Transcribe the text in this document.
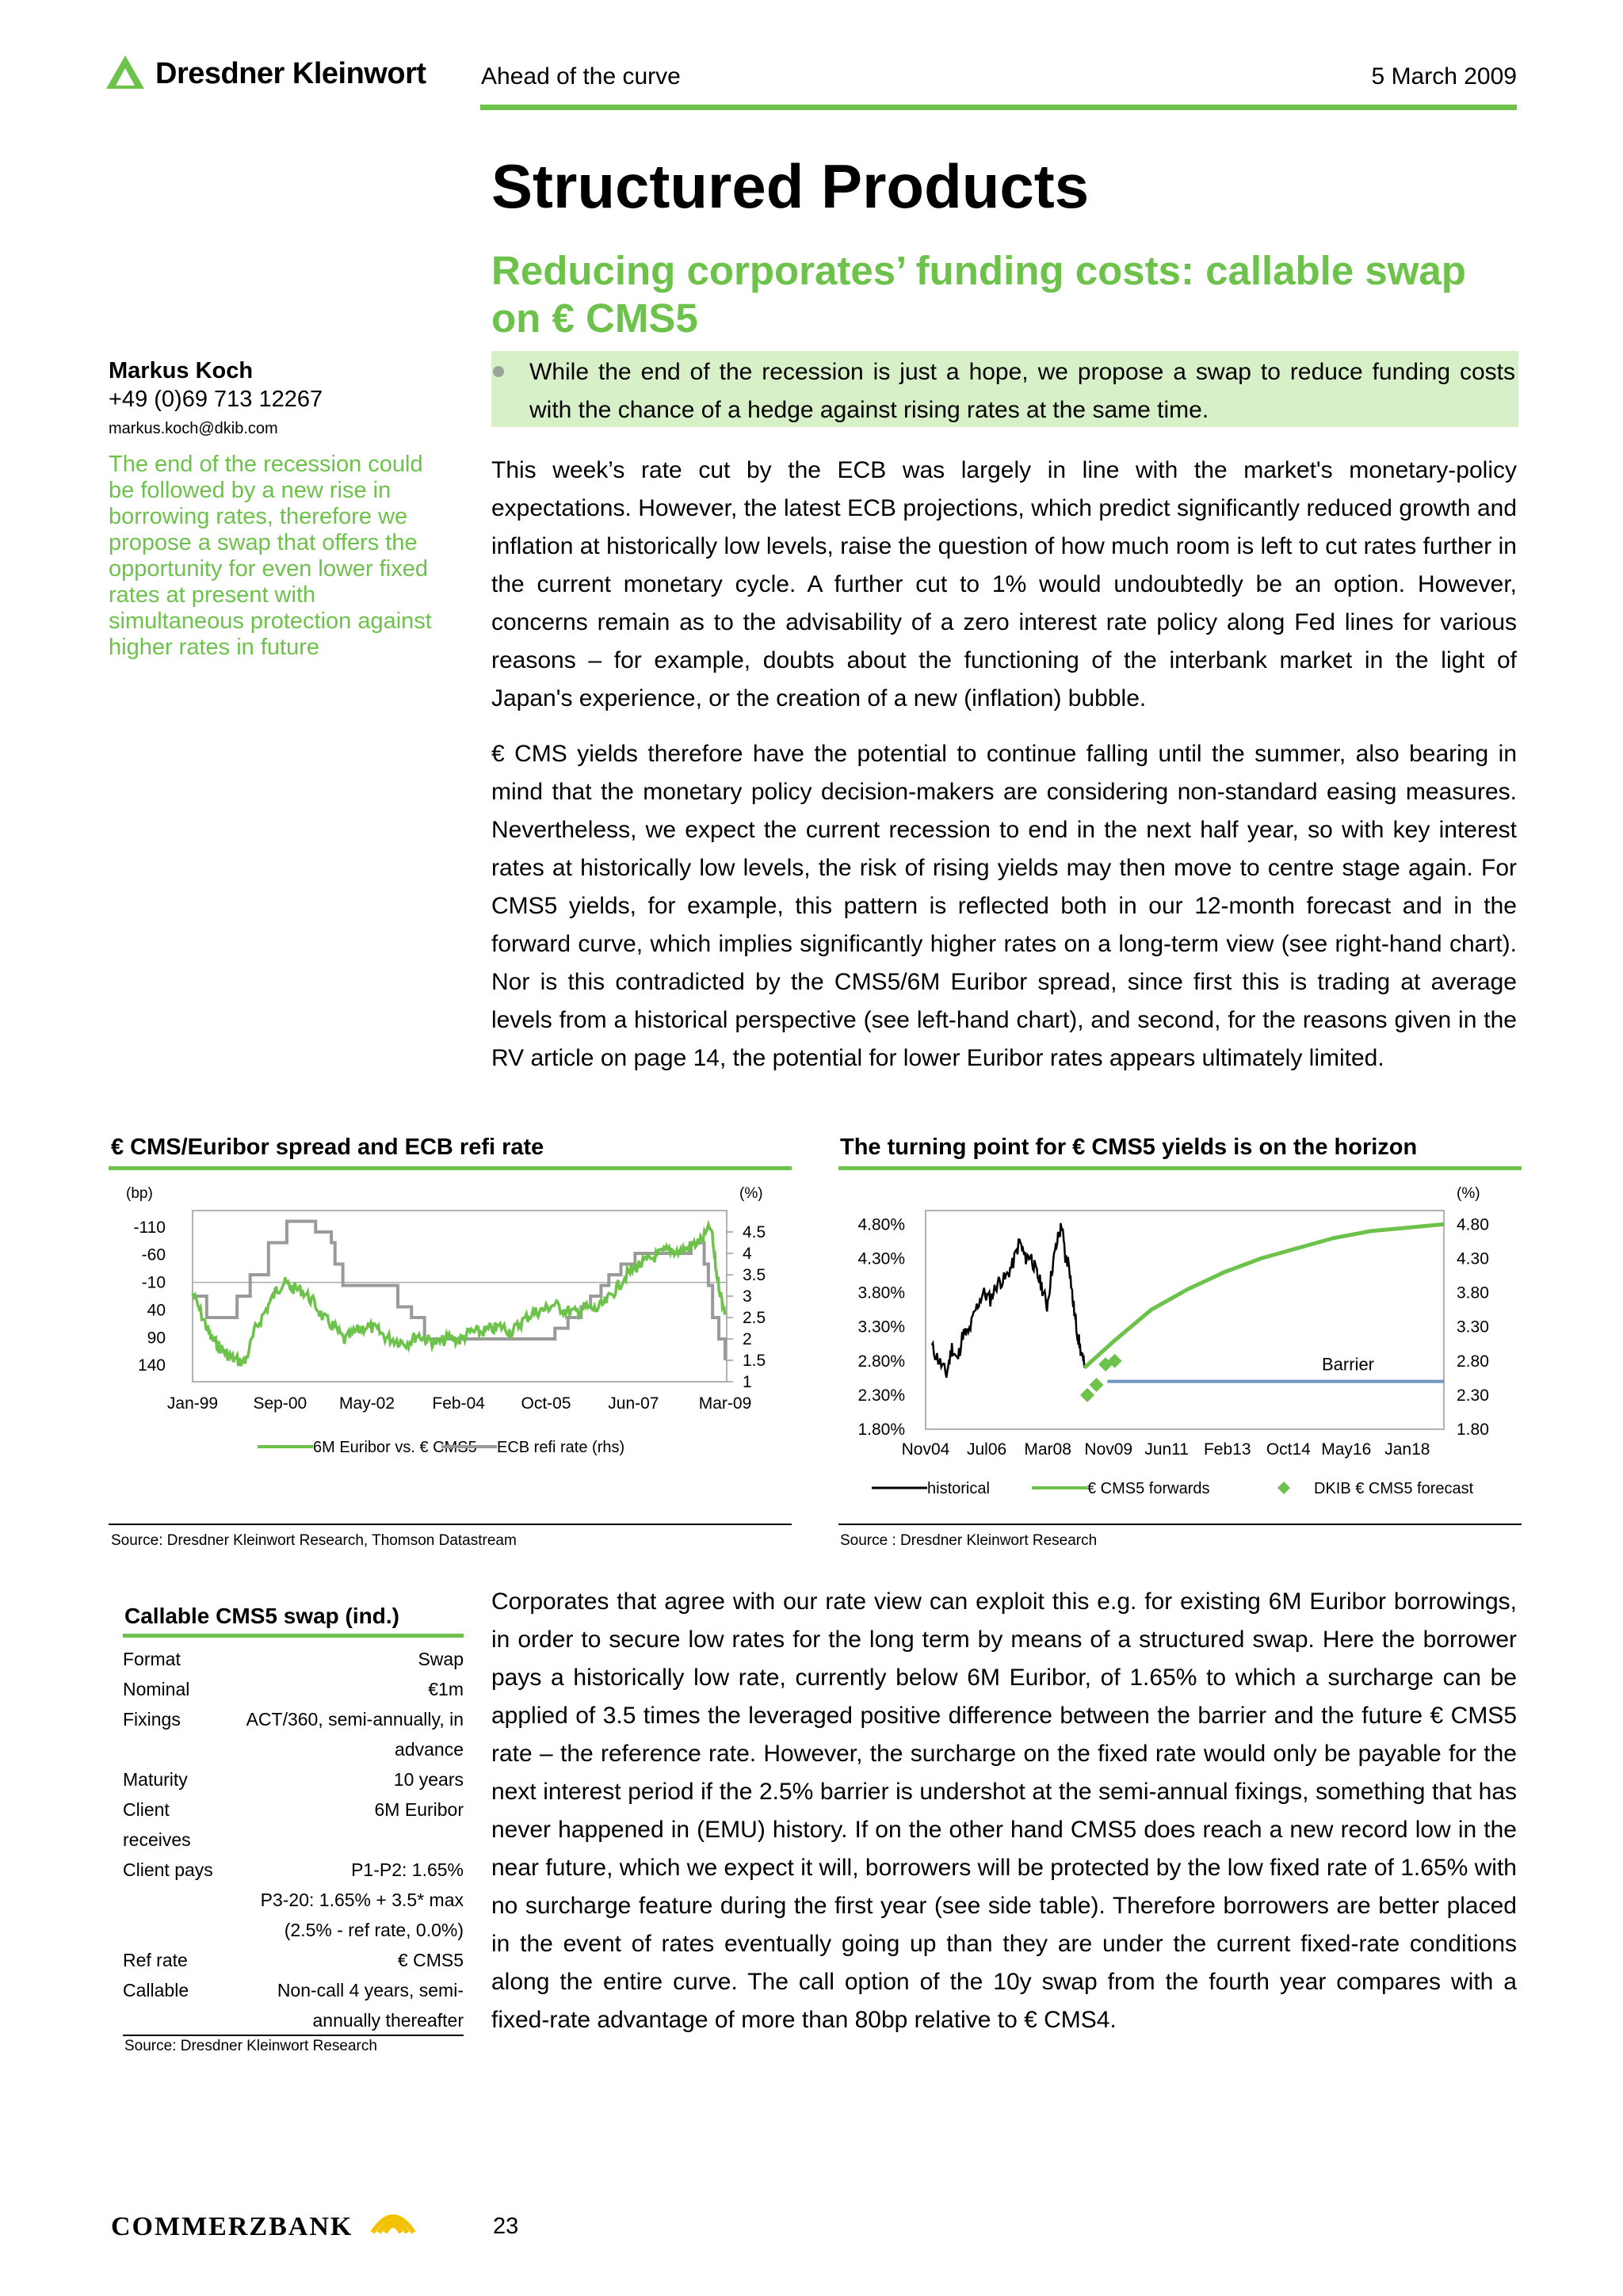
Dresdner Kleinwort Ahead of the curve	5 March 2009
Structured Products
Reducing corporates’ funding costs: callable swap on € CMS5
Markus Koch
+49 (0)69 713 12267
markus.koch@dkib.com
The end of the recession could be followed by a new rise in borrowing rates, therefore we propose a swap that offers the opportunity for even lower fixed rates at present with simultaneous protection against higher rates in future
While the end of the recession is just a hope, we propose a swap to reduce funding costs with the chance of a hedge against rising rates at the same time.

This week’s rate cut by the ECB was largely in line with the market's monetary-policy expectations. However, the latest ECB projections, which predict significantly reduced growth and inflation at historically low levels, raise the question of how much room is left to cut rates further in the current monetary cycle. A further cut to 1% would undoubtedly be an option. However, concerns remain as to the advisability of a zero interest rate policy along Fed lines for various reasons – for example, doubts about the functioning of the interbank market in the light of Japan's experience, or the creation of a new (inflation) bubble.

€ CMS yields therefore have the potential to continue falling until the summer, also bearing in mind that the monetary policy decision-makers are considering non-standard easing measures. Nevertheless, we expect the current recession to end in the next half year, so with key interest rates at historically low levels, the risk of rising yields may then move to centre stage again. For CMS5 yields, for example, this pattern is reflected both in our 12-month forecast and in the forward curve, which implies significantly higher rates on a long-term view (see right-hand chart). Nor is this contradicted by the CMS5/6M Euribor spread, since first this is trading at average levels from a historical perspective (see left-hand chart), and second, for the reasons given in the RV article on page 14, the potential for lower Euribor rates appears ultimately limited.

€ CMS/Euribor spread and ECB refi rate	The turning point for € CMS5 yields is on the horizon
(bp)	(%)
-110
-60
-10
40
90
140
4.5
4
3.5
3
2.5
2
1.5
1
Jan-99 Sep-00 May-02 Feb-04 Oct-05 Jun-07 Mar-09
6M Euribor vs. € CMS5 ECB refi rate (rhs)
(%)
4.80%
4.30%
3.80%
3.30%
2.80%
2.30%
1.80%
4.80
4.30
3.80
3.30
2.80
2.30
1.80
Nov04 Jul06 Mar08 Nov09 Jun11 Feb13 Oct14 May16 Jan18
Barrier
historical	€ CMS5 forwards	DKIB € CMS5 forecast
Source: Dresdner Kleinwort Research, Thomson Datastream	Source : Dresdner Kleinwort Research
Callable CMS5 swap (ind.)
Format	Swap
Nominal	€1m
Fixings	ACT/360, semi-annually, in advance
Maturity	10 years
Client receives	6M Euribor
Client pays	P1-P2: 1.65%
	P3-20: 1.65% + 3.5* max (2.5% - ref rate, 0.0%)
Ref rate	€ CMS5
Callable	Non-call 4 years, semi-annually thereafter
Source: Dresdner Kleinwort Research

Corporates that agree with our rate view can exploit this e.g. for existing 6M Euribor borrowings, in order to secure low rates for the long term by means of a structured swap. Here the borrower pays a historically low rate, currently below 6M Euribor, of 1.65% to which a surcharge can be applied of 3.5 times the leveraged positive difference between the barrier and the future € CMS5 rate – the reference rate. However, the surcharge on the fixed rate would only be payable for the next interest period if the 2.5% barrier is undershot at the semi-annual fixings, something that has never happened in (EMU) history. If on the other hand CMS5 does reach a new record low in the near future, which we expect it will, borrowers will be protected by the low fixed rate of 1.65% with no surcharge feature during the first year (see side table). Therefore borrowers are better placed in the event of rates eventually going up than they are under the current fixed-rate conditions along the entire curve. The call option of the 10y swap from the fourth year compares with a fixed-rate advantage of more than 80bp relative to € CMS4.

COMMERZBANK	23
